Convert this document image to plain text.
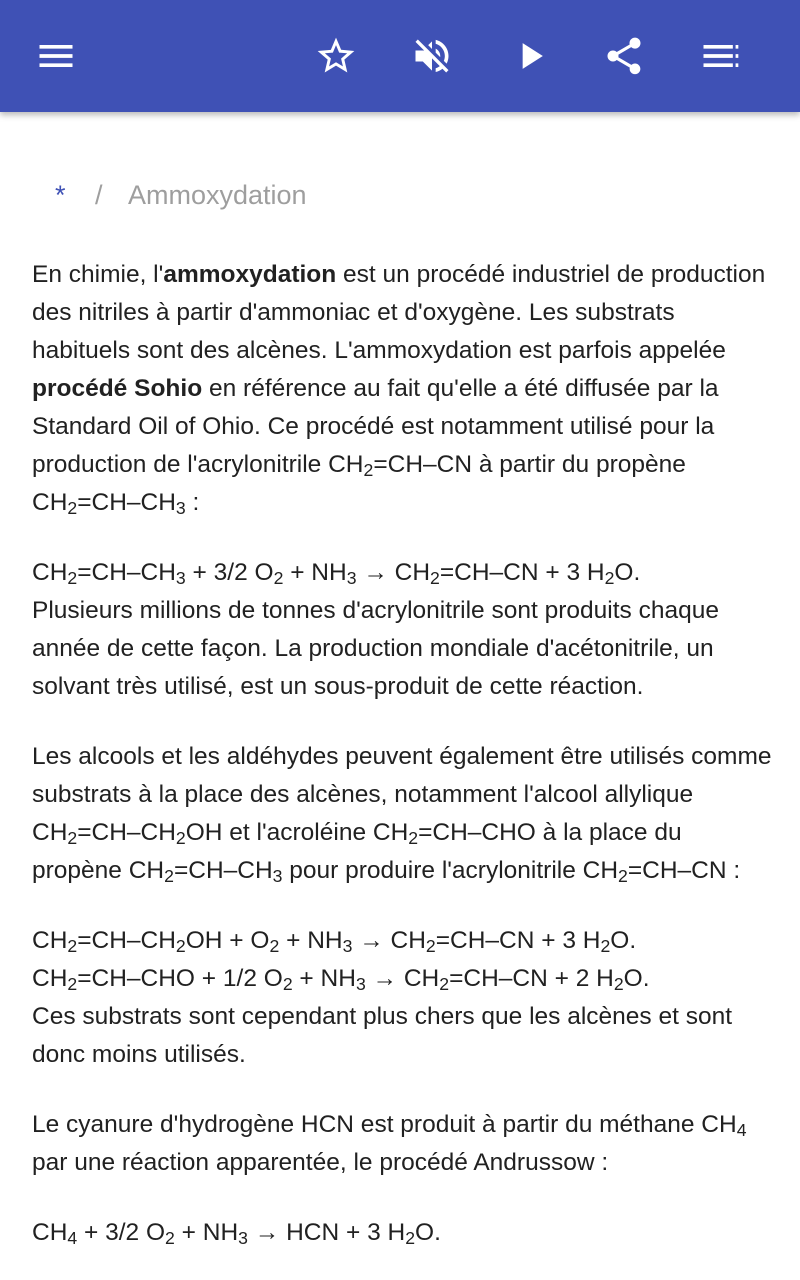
* / Ammoxydation

En chimie, l'ammoxydation est un procédé industriel de production des nitriles à partir d'ammoniac et d'oxygène. Les substrats habituels sont des alcènes. L'ammoxydation est parfois appelée procédé Sohio en référence au fait qu'elle a été diffusée par la Standard Oil of Ohio. Ce procédé est notamment utilisé pour la production de l'acrylonitrile $CH_2=CH-CN$ à partir du propène $CH_2=CH-CH_3$ :

$CH_2=CH-CH_3 + 3/2$ $O_2 + NH_3 \to CH_2=CH-CN + 3$ $H_2O$.
Plusieurs millions de tonnes d'acrylonitrile sont produits chaque année de cette façon. La production mondiale d'acétonitrile, un solvant très utilisé, est un sous-produit de cette réaction.

Les alcools et les aldéhydes peuvent également être utilisés comme substrats à la place des alcènes, notamment l'alcool allylique $CH_2=CH-CH_2OH$ et l'acroléine $CH_2=CH$–CHO à la place du propène $CH_2=CH-CH_3$ pour produire l'acrylonitrile $CH_2=CH-CN$ :

$CH_2=CH-CH_2OH + O_2 + NH_3 \to CH_2=CH-CN + 3$ $H_2O$.
$CH_2=CH$–CHO + 1/2 $O_2 + NH_3 \to CH_2=CH-CN + 2$ $H_2O$.
Ces substrats sont cependant plus chers que les alcènes et sont donc moins utilisés.

Le cyanure d'hydrogène HCN est produit à partir du méthane $CH_4$ par une réaction apparentée, le procédé Andrussow :

$CH_4 + 3/2$ $O_2 + NH_3$ → HCN + 3 $H_2O$.
